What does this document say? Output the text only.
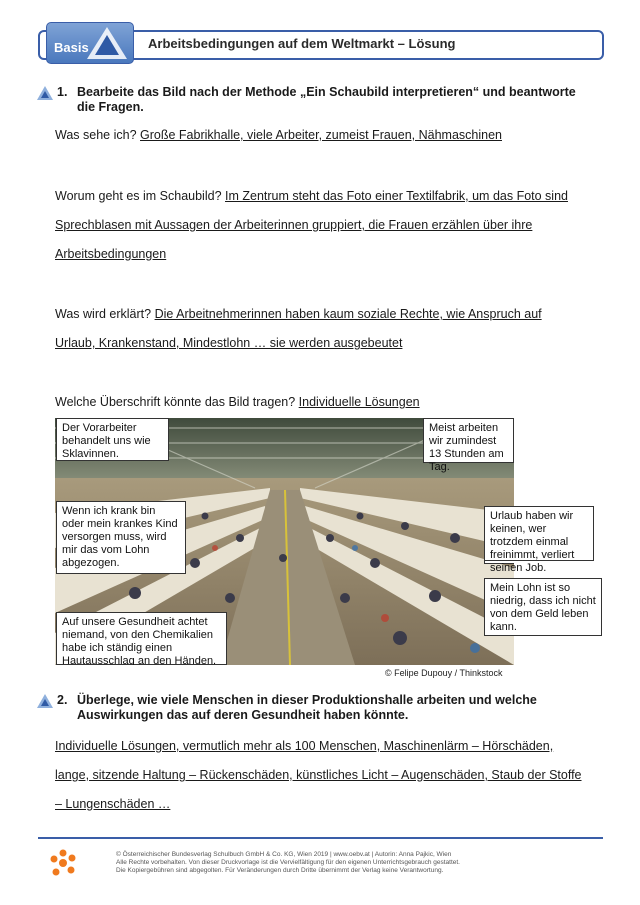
Basis	Arbeitsbedingungen auf dem Weltmarkt – Lösung
1. Bearbeite das Bild nach der Methode „Ein Schaubild interpretieren“ und beantworte
die Fragen.
Was sehe ich? Große Fabrikhalle, viele Arbeiter, zumeist Frauen, Nähmaschinen
Worum geht es im Schaubild? Im Zentrum steht das Foto einer Textilfabrik, um das Foto sind
Sprechblasen mit Aussagen der Arbeiterinnen gruppiert, die Frauen erzählen über ihre
Arbeitsbedingungen
Was wird erklärt? Die Arbeitnehmerinnen haben kaum soziale Rechte, wie Anspruch auf
Urlaub, Krankenstand, Mindestlohn … sie werden ausgebeutet
Welche Überschrift könnte das Bild tragen? Individuelle Lösungen
Der Vorarbeiter behandelt uns wie Sklavinnen.
Meist arbeiten wir zumindest 13 Stunden am Tag.
Wenn ich krank bin oder mein krankes Kind versorgen muss, wird mir das vom Lohn abgezogen.
Auf unsere Gesundheit achtet niemand, von den Chemikalien habe ich ständig einen Hautausschlag an den Händen.
Urlaub haben wir keinen, wer trotzdem einmal freinimmt, verliert seinen Job.
Mein Lohn ist so niedrig, dass ich nicht von dem Geld leben kann.
© Felipe Dupouy / Thinkstock
2. Überlege, wie viele Menschen in dieser Produktionshalle arbeiten und welche
Auswirkungen das auf deren Gesundheit haben könnte.
Individuelle Lösungen, vermutlich mehr als 100 Menschen, Maschinenlärm – Hörschäden,
lange, sitzende Haltung – Rückenschäden, künstliches Licht – Augenschäden, Staub der Stoffe
– Lungenschäden …
© Österreichischer Bundesverlag Schulbuch GmbH & Co. KG, Wien 2019 | www.oebv.at | Autorin: Anna Pajkic, Wien
Alle Rechte vorbehalten. Von dieser Druckvorlage ist die Vervielfältigung für den eigenen Unterrichtsgebrauch gestattet.
Die Kopiergebühren sind abgegolten. Für Veränderungen durch Dritte übernimmt der Verlag keine Verantwortung.
